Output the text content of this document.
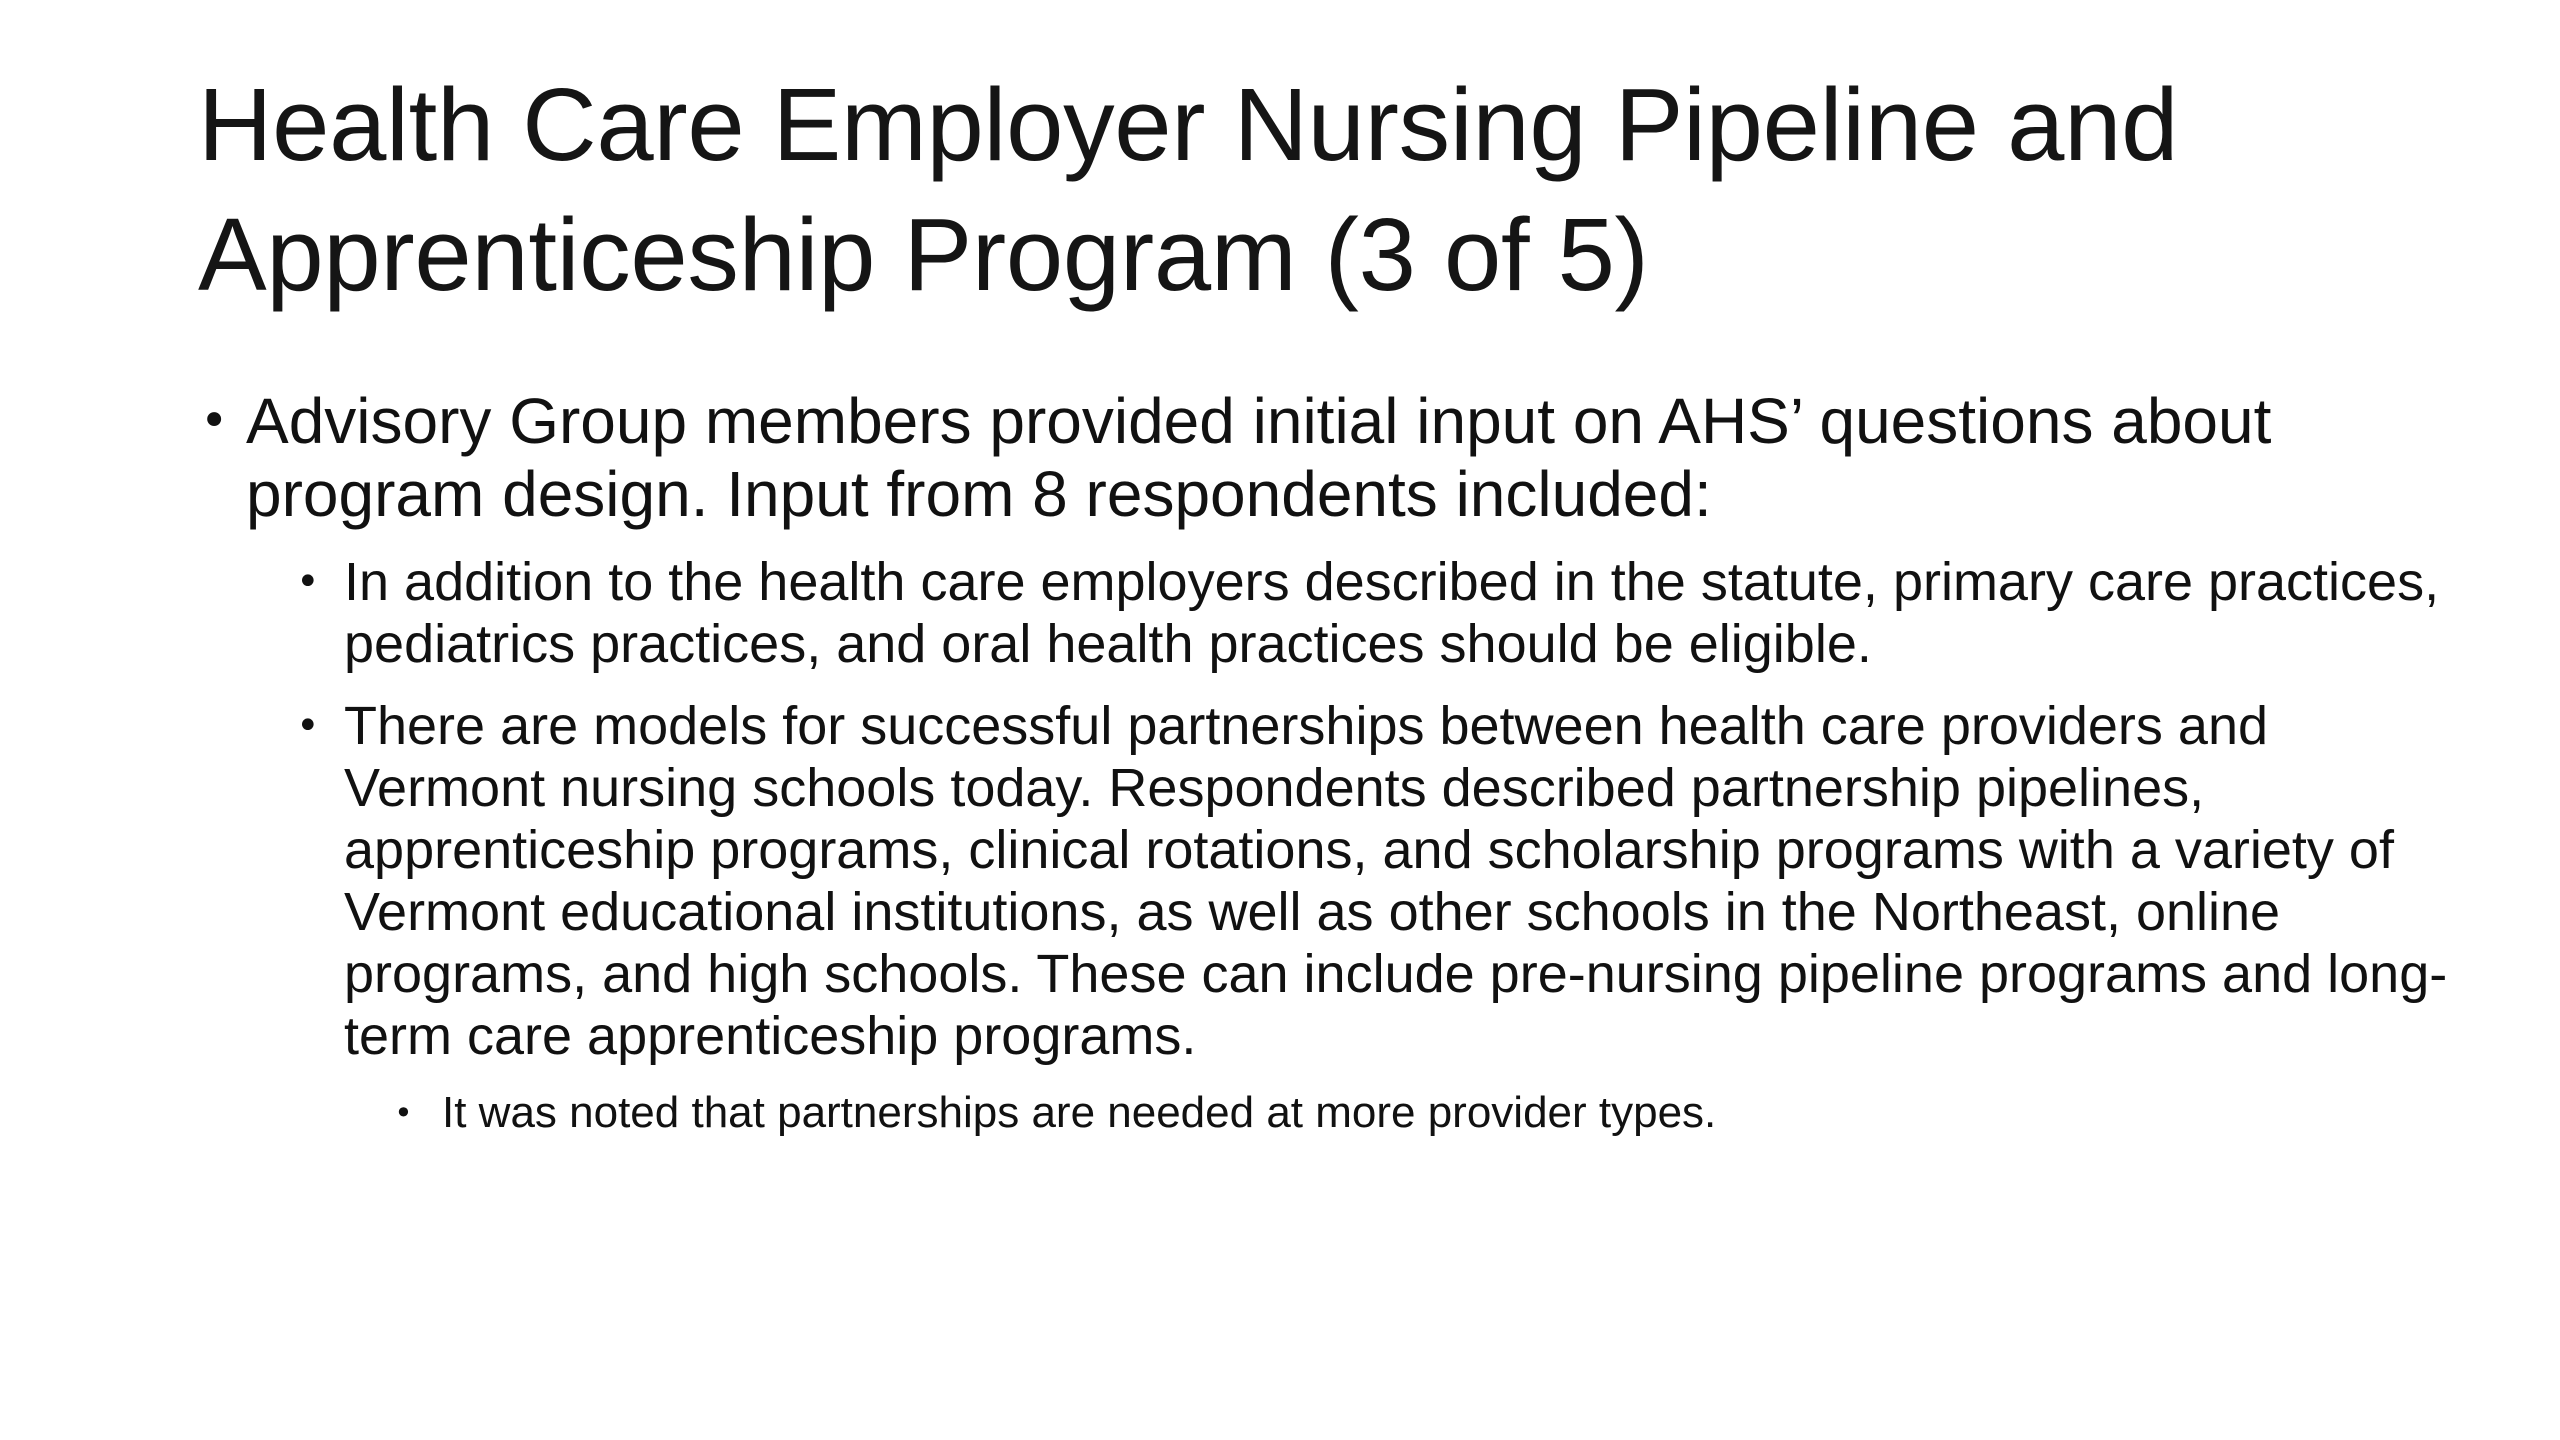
Health Care Employer Nursing Pipeline and Apprenticeship Program (3 of 5)

• Advisory Group members provided initial input on AHS’ questions about program design. Input from 8 respondents included:

• In addition to the health care employers described in the statute, primary care practices, pediatrics practices, and oral health practices should be eligible.

• There are models for successful partnerships between health care providers and Vermont nursing schools today. Respondents described partnership pipelines, apprenticeship programs, clinical rotations, and scholarship programs with a variety of Vermont educational institutions, as well as other schools in the Northeast, online programs, and high schools. These can include pre-nursing pipeline programs and long-term care apprenticeship programs.

• It was noted that partnerships are needed at more provider types.
